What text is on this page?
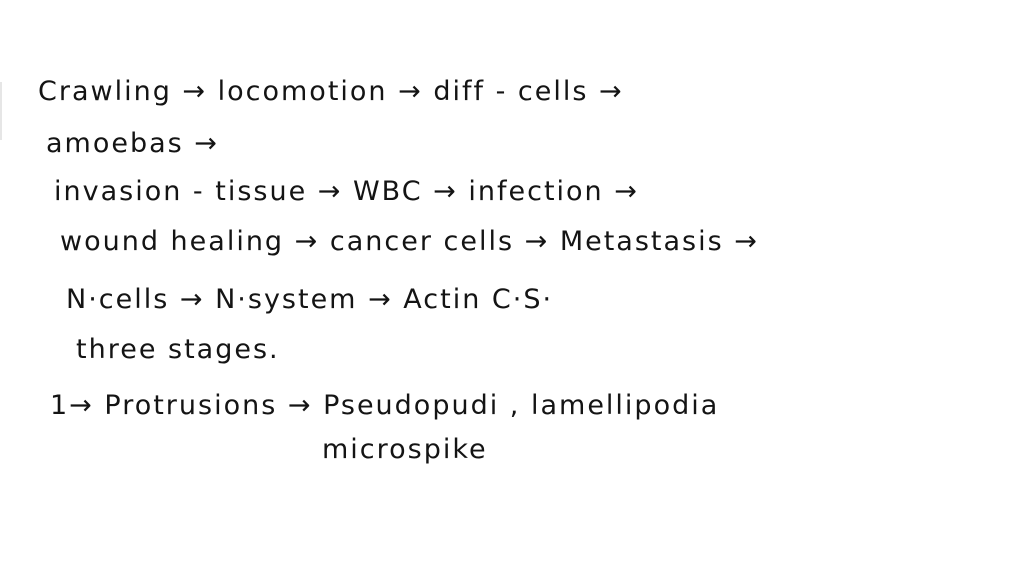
Crawling → locomotion → diff - cells →

amoebas →

invasion - tissue → WBC → infection →

wound healing → cancer cells → Metastasis →

N·cells → N·system → Actin C·S·

three stages.

1→ Protrusions → Pseudopudi , lamellipodia

microspike
